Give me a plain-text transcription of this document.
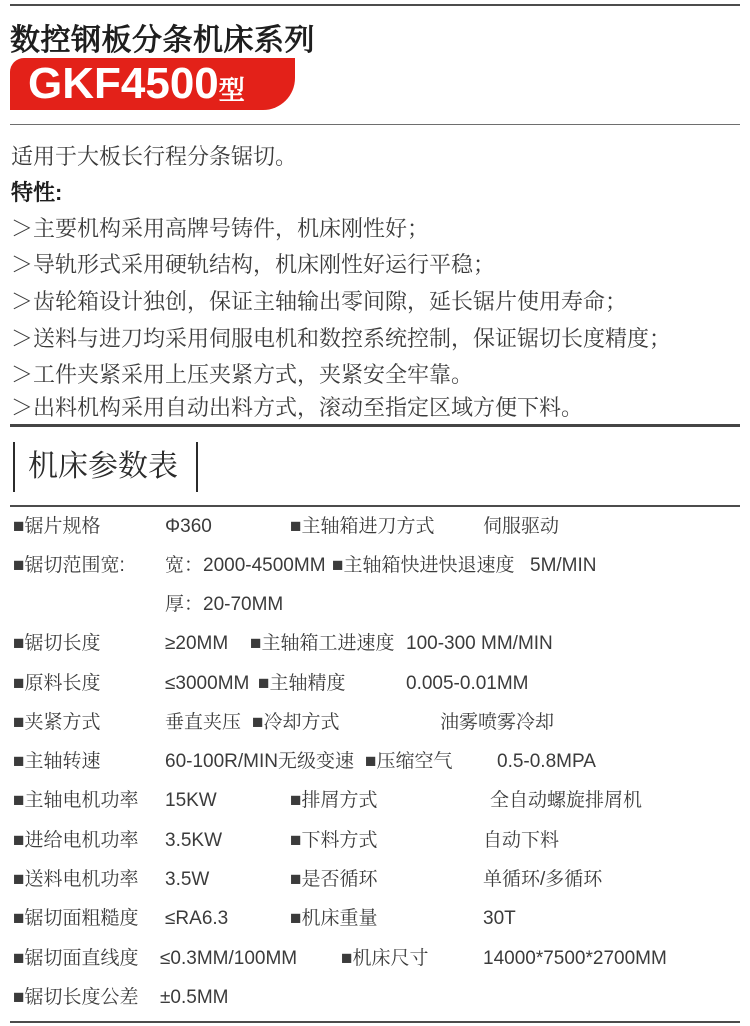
数控钢板分条机床系列
GKF4500 型
适用于大板长行程分条锯切。
特性:
＞主要机构采用高牌号铸件，机床刚性好；
＞导轨形式采用硬轨结构，机床刚性好运行平稳；
＞齿轮箱设计独创，保证主轴输出零间隙，延长锯片使用寿命；
＞送料与进刀均采用伺服电机和数控系统控制，保证锯切长度精度；
＞工件夹紧采用上压夹紧方式，夹紧安全牢靠。
＞出料机构采用自动出料方式，滚动至指定区域方便下料。
机床参数表
■锯片规格	Φ360	■主轴箱进刀方式	伺服驱动
■锯切范围宽: 宽：2000-4500MM ■主轴箱快进快退速度 5M/MIN
厚：20-70MM
■锯切长度	≥20MM ■主轴箱工进速度 100-300 MM/MIN
■原料长度	≤3000MM ■主轴精度	0.005-0.01MM
■夹紧方式	垂直夹压 ■冷却方式	油雾喷雾冷却
■主轴转速	60-100R/MIN无级变速 ■压缩空气 0.5-0.8MPA
■主轴电机功率 15KW	■排屑方式	全自动螺旋排屑机
■进给电机功率 3.5KW	■下料方式	自动下料
■送料电机功率 3.5W	■是否循环	单循环/多循环
■锯切面粗糙度 ≤RA6.3	■机床重量	30T
■锯切面直线度 ≤0.3MM/100MM ■机床尺寸	14000*7500*2700MM
■锯切长度公差 ±0.5MM
